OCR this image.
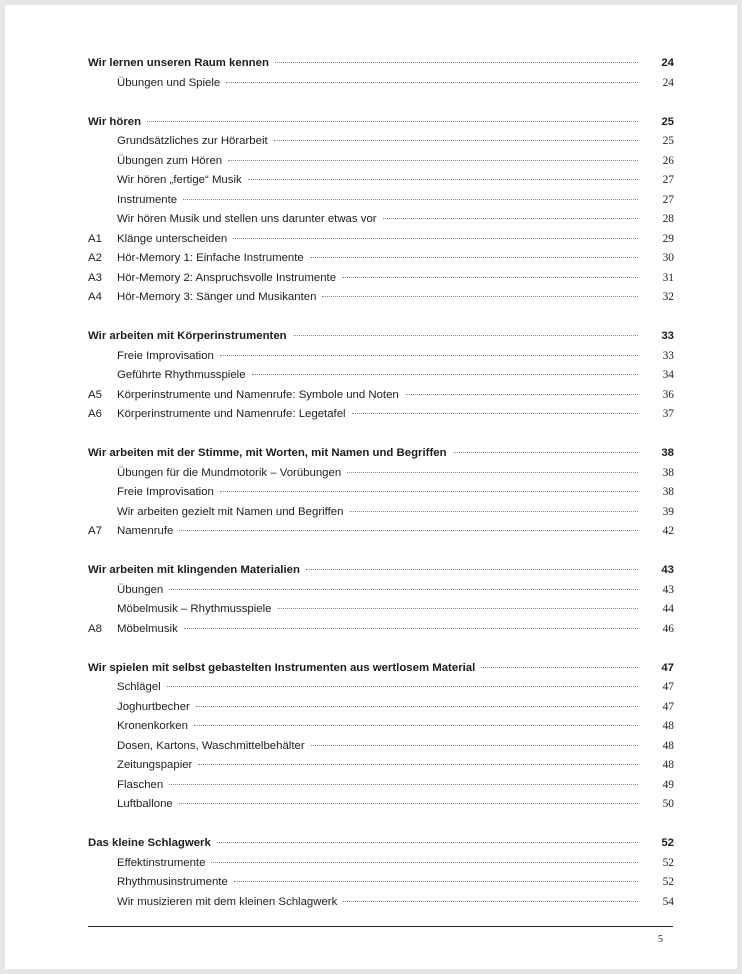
Wir lernen unseren Raum kennen	24
Übungen und Spiele	24
Wir hören	25
Grundsätzliches zur Hörarbeit	25
Übungen zum Hören	26
Wir hören „fertige“ Musik	27
Instrumente	27
Wir hören Musik und stellen uns darunter etwas vor	28
A1	Klänge unterscheiden	29
A2	Hör-Memory 1: Einfache Instrumente	30
A3	Hör-Memory 2: Anspruchsvolle Instrumente	31
A4	Hör-Memory 3: Sänger und Musikanten	32
Wir arbeiten mit Körperinstrumenten	33
Freie Improvisation	33
Geführte Rhythmusspiele	34
A5	Körperinstrumente und Namenrufe: Symbole und Noten	36
A6	Körperinstrumente und Namenrufe: Legetafel	37
Wir arbeiten mit der Stimme, mit Worten, mit Namen und Begriffen	38
Übungen für die Mundmotorik – Vorübungen	38
Freie Improvisation	38
Wir arbeiten gezielt mit Namen und Begriffen	39
A7	Namenrufe	42
Wir arbeiten mit klingenden Materialien	43
Übungen	43
Möbelmusik – Rhythmusspiele	44
A8	Möbelmusik	46
Wir spielen mit selbst gebastelten Instrumenten aus wertlosem Material	47
Schlägel	47
Joghurtbecher	47
Kronenkorken	48
Dosen, Kartons, Waschmittelbehälter	48
Zeitungspapier	48
Flaschen	49
Luftballone	50
Das kleine Schlagwerk	52
Effektinstrumente	52
Rhythmusinstrumente	52
Wir musizieren mit dem kleinen Schlagwerk	54
5
